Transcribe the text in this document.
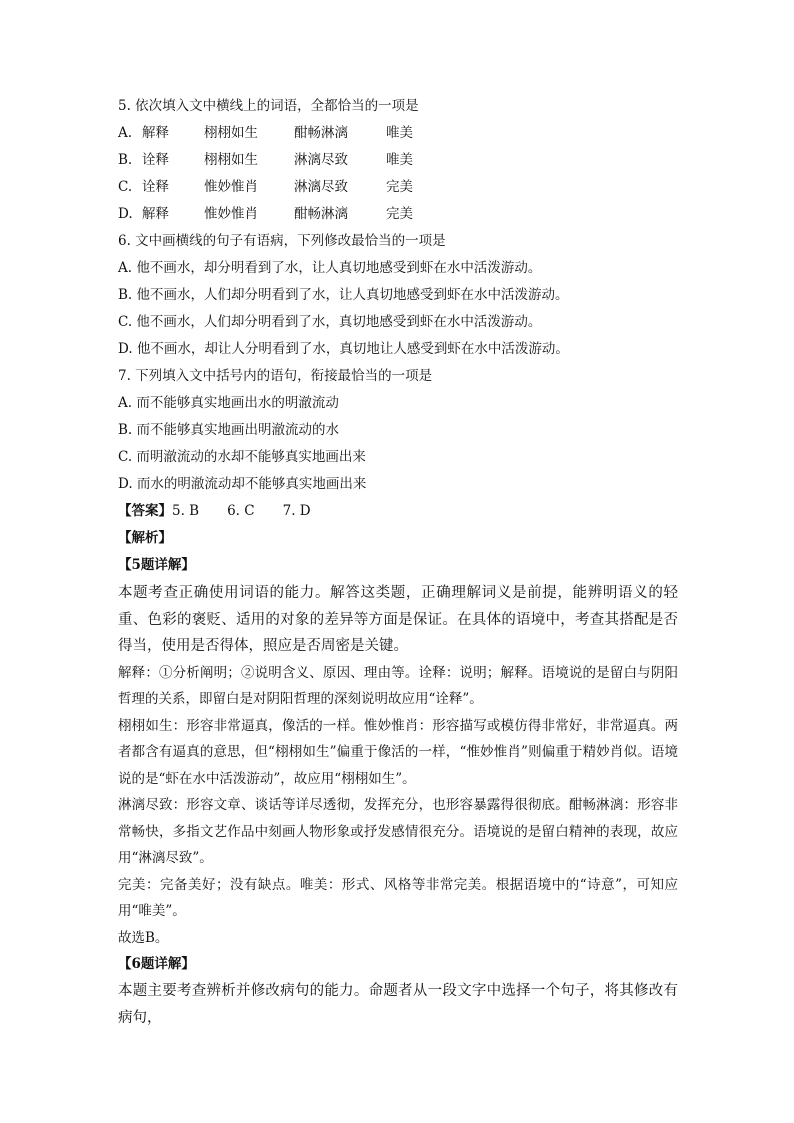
5. 依次填入文中横线上的词语，全都恰当的一项是
A. 解释	栩栩如生	酣畅淋漓	唯美
B. 诠释	栩栩如生	淋漓尽致	唯美
C. 诠释	惟妙惟肖	淋漓尽致	完美
D. 解释	惟妙惟肖	酣畅淋漓	完美
6. 文中画横线的句子有语病，下列修改最恰当的一项是
A. 他不画水，却分明看到了水，让人真切地感受到虾在水中活泼游动。
B. 他不画水，人们却分明看到了水，让人真切地感受到虾在水中活泼游动。
C. 他不画水，人们却分明看到了水，真切地感受到虾在水中活泼游动。
D. 他不画水，却让人分明看到了水，真切地让人感受到虾在水中活泼游动。
7. 下列填入文中括号内的语句，衔接最恰当的一项是
A. 而不能够真实地画出水的明澈流动
B. 而不能够真实地画出明澈流动的水
C. 而明澈流动的水却不能够真实地画出来
D. 而水的明澈流动却不能够真实地画出来
【答案】5. B 6. C 7. D
【解析】
【5题详解】

本题考查正确使用词语的能力。解答这类题，正确理解词义是前提，能辨明语义的轻重、色彩的褒贬、适用的对象的差异等方面是保证。在具体的语境中，考查其搭配是否得当，使用是否得体，照应是否周密是关键。

解释：①分析阐明；②说明含义、原因、理由等。诠释：说明；解释。语境说的是留白与阴阳哲理的关系，即留白是对阴阳哲理的深刻说明故应用“诠释”。

栩栩如生：形容非常逼真，像活的一样。惟妙惟肖：形容描写或模仿得非常好，非常逼真。两者都含有逼真的意思，但“栩栩如生”偏重于像活的一样，“惟妙惟肖”则偏重于精妙肖似。语境说的是“虾在水中活泼游动”，故应用“栩栩如生”。

淋漓尽致：形容文章、谈话等详尽透彻，发挥充分，也形容暴露得很彻底。酣畅淋漓：形容非常畅快，多指文艺作品中刻画人物形象或抒发感情很充分。语境说的是留白精神的表现，故应用“淋漓尽致”。

完美：完备美好；没有缺点。唯美：形式、风格等非常完美。根据语境中的“诗意”，可知应用“唯美”。

故选B。

【6题详解】

本题主要考查辨析并修改病句的能力。命题者从一段文字中选择一个句子，将其修改有病句，
